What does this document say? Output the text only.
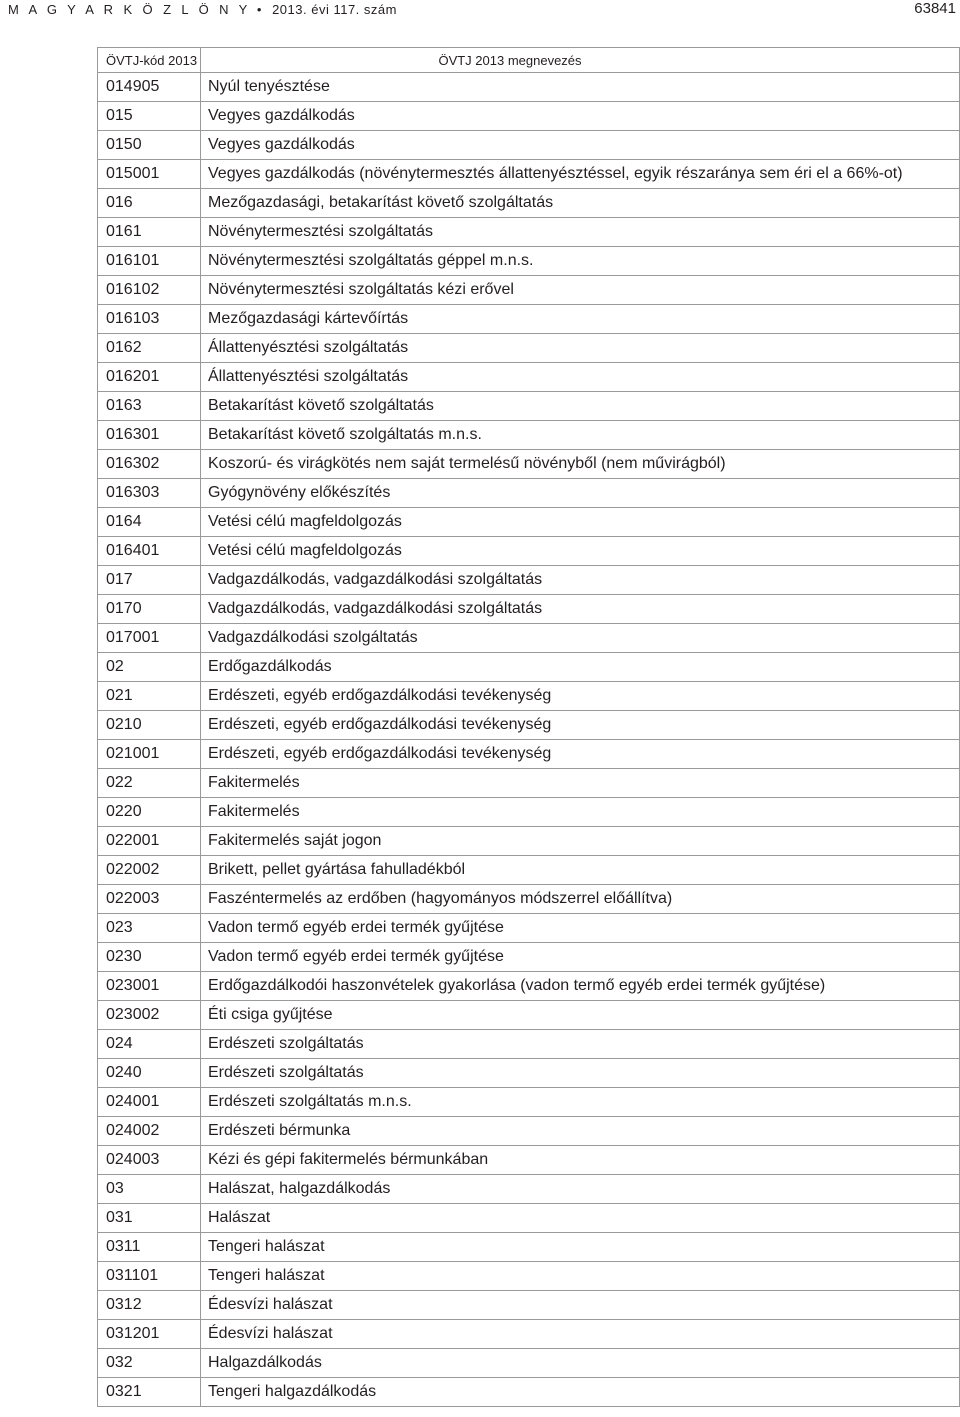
M A G Y A R K Ö Z L Ö N Y • 2013. évi 117. szám	63841
ÖVTJ-kód 2013	ÖVTJ 2013 megnevezés
014905	Nyúl tenyésztése
015	Vegyes gazdálkodás
0150	Vegyes gazdálkodás
015001	Vegyes gazdálkodás (növénytermesztés állattenyésztéssel, egyik részaránya sem éri el a 66%-ot)
016	Mezőgazdasági, betakarítást követő szolgáltatás
0161	Növénytermesztési szolgáltatás
016101	Növénytermesztési szolgáltatás géppel m.n.s.
016102	Növénytermesztési szolgáltatás kézi erővel
016103	Mezőgazdasági kártevőírtás
0162	Állattenyésztési szolgáltatás
016201	Állattenyésztési szolgáltatás
0163	Betakarítást követő szolgáltatás
016301	Betakarítást követő szolgáltatás m.n.s.
016302	Koszorú- és virágkötés nem saját termelésű növényből (nem művirágból)
016303	Gyógynövény előkészítés
0164	Vetési célú magfeldolgozás
016401	Vetési célú magfeldolgozás
017	Vadgazdálkodás, vadgazdálkodási szolgáltatás
0170	Vadgazdálkodás, vadgazdálkodási szolgáltatás
017001	Vadgazdálkodási szolgáltatás
02	Erdőgazdálkodás
021	Erdészeti, egyéb erdőgazdálkodási tevékenység
0210	Erdészeti, egyéb erdőgazdálkodási tevékenység
021001	Erdészeti, egyéb erdőgazdálkodási tevékenység
022	Fakitermelés
0220	Fakitermelés
022001	Fakitermelés saját jogon
022002	Brikett, pellet gyártása fahulladékból
022003	Faszéntermelés az erdőben (hagyományos módszerrel előállítva)
023	Vadon termő egyéb erdei termék gyűjtése
0230	Vadon termő egyéb erdei termék gyűjtése
023001	Erdőgazdálkodói haszonvételek gyakorlása (vadon termő egyéb erdei termék gyűjtése)
023002	Éti csiga gyűjtése
024	Erdészeti szolgáltatás
0240	Erdészeti szolgáltatás
024001	Erdészeti szolgáltatás m.n.s.
024002	Erdészeti bérmunka
024003	Kézi és gépi fakitermelés bérmunkában
03	Halászat, halgazdálkodás
031	Halászat
0311	Tengeri halászat
031101	Tengeri halászat
0312	Édesvízi halászat
031201	Édesvízi halászat
032	Halgazdálkodás
0321	Tengeri halgazdálkodás
